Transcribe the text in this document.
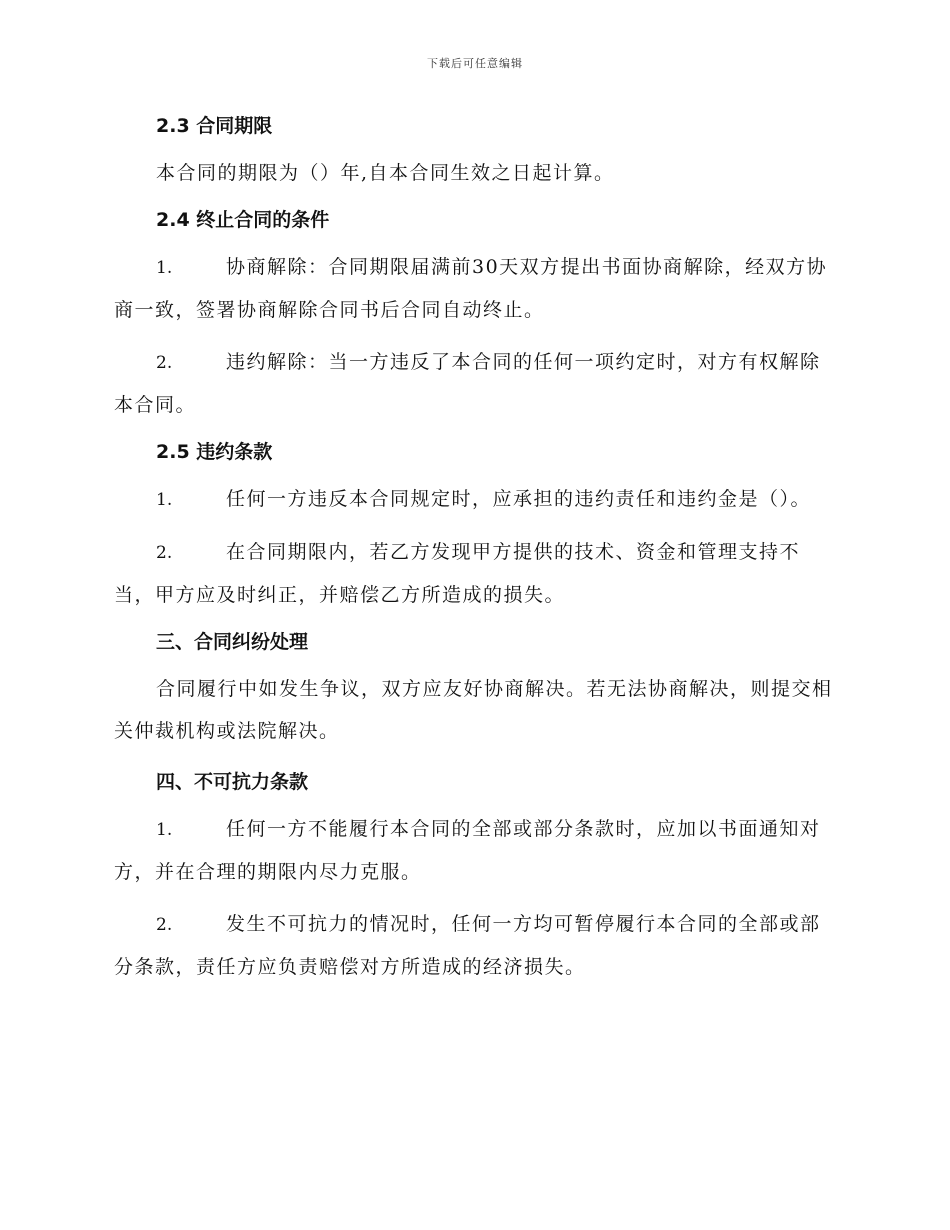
下载后可任意编辑
2.3 合同期限

本合同的期限为（）年,自本合同生效之日起计算。

2.4 终止合同的条件

1.	协商解除：合同期限届满前30天双方提出书面协商解除，经双方协商一致，签署协商解除合同书后合同自动终止。

2.	违约解除：当一方违反了本合同的任何一项约定时，对方有权解除本合同。

2.5 违约条款

1.	任何一方违反本合同规定时，应承担的违约责任和违约金是（）。

2.	在合同期限内，若乙方发现甲方提供的技术、资金和管理支持不当，甲方应及时纠正，并赔偿乙方所造成的损失。

三、合同纠纷处理

合同履行中如发生争议，双方应友好协商解决。若无法协商解决，则提交相关仲裁机构或法院解决。

四、不可抗力条款

1.	任何一方不能履行本合同的全部或部分条款时，应加以书面通知对方，并在合理的期限内尽力克服。

2.	发生不可抗力的情况时，任何一方均可暂停履行本合同的全部或部分条款，责任方应负责赔偿对方所造成的经济损失。
